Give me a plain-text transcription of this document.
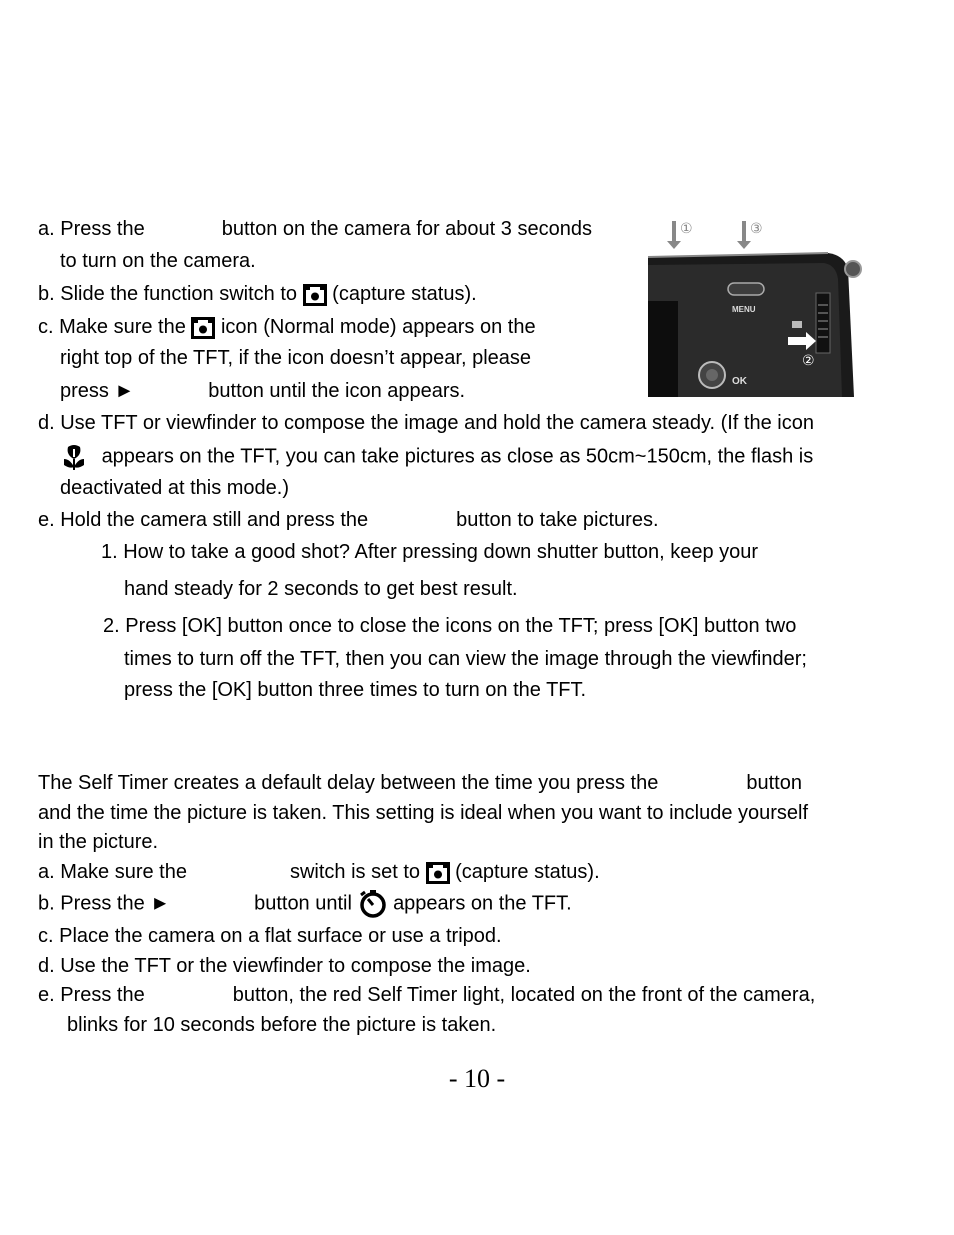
a. Press the	button on the camera for about 3 seconds
to turn on the camera.
b. Slide the function switch to (capture status).
c. Make sure the icon (Normal mode) appears on the
right top of the TFT, if the icon doesn’t appear, please
press ►	button until the icon appears.
①	③
②
MENU
OK
d. Use TFT or viewfinder to compose the image and hold the camera steady. (If the icon
appears on the TFT, you can take pictures as close as 50cm~150cm, the flash is
deactivated at this mode.)
e. Hold the camera still and press the	button to take pictures.
1. How to take a good shot? After pressing down shutter button, keep your
hand steady for 2 seconds to get best result.
2. Press [OK] button once to close the icons on the TFT; press [OK] button two
times to turn off the TFT, then you can view the image through the viewfinder;
press the [OK] button three times to turn on the TFT.
The Self Timer creates a default delay between the time you press the	button
and the time the picture is taken. This setting is ideal when you want to include yourself
in the picture.
a. Make sure the	switch is set to (capture status).
b. Press the ►	button until appears on the TFT.
c. Place the camera on a flat surface or use a tripod.
d. Use the TFT or the viewfinder to compose the image.
e. Press the	button, the red Self Timer light, located on the front of the camera,
blinks for 10 seconds before the picture is taken.
- 10 -
